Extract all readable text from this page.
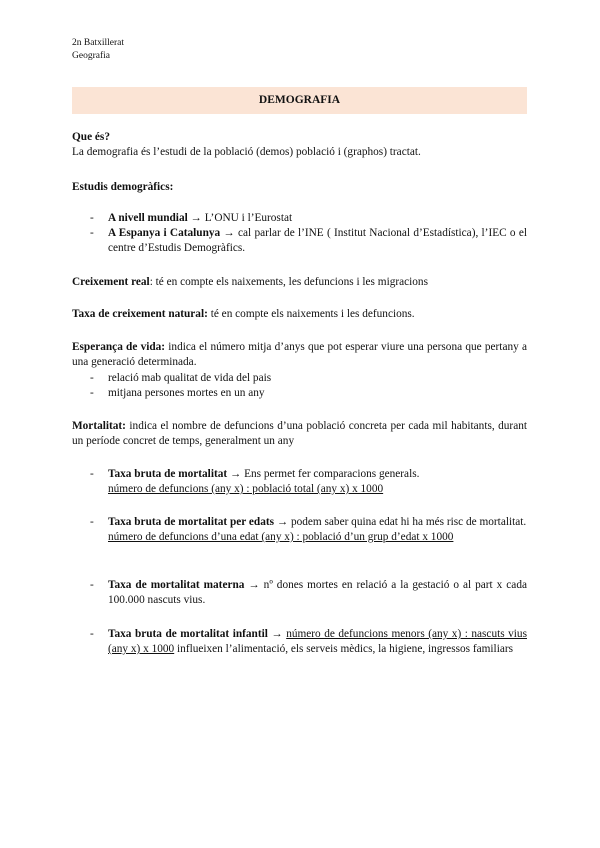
2n Batxillerat
Geografia
DEMOGRAFIA
Que és?
La demografia és l’estudi de la població (demos) població i (graphos) tractat.
Estudis demogràfics:
- A nivell mundial → L’ONU i l’Eurostat
- A Espanya i Catalunya → cal parlar de l’INE ( Institut Nacional d’Estadística), l’IEC o el centre d’Estudis Demogràfics.
Creixement real: té en compte els naixements, les defuncions i les migracions
Taxa de creixement natural: té en compte els naixements i les defuncions.
Esperança de vida: indica el número mitja d’anys que pot esperar viure una persona que pertany a una generació determinada.
- relació mab qualitat de vida del pais
- mitjana persones mortes en un any
Mortalitat: indica el nombre de defuncions d’una població concreta per cada mil habitants, durant un període concret de temps, generalment un any
- Taxa bruta de mortalitat → Ens permet fer comparacions generals.
número de defuncions (any x) : població total (any x) x 1000
- Taxa bruta de mortalitat per edats → podem saber quina edat hi ha més risc de mortalitat.
número de defuncions d’una edat (any x) : població d’un grup d’edat x 1000
- Taxa de mortalitat materna → nº dones mortes en relació a la gestació o al part x cada 100.000 nascuts vius.
- Taxa bruta de mortalitat infantil → número de defuncions menors (any x) : nascuts vius (any x) x 1000 influeixen l’alimentació, els serveis mèdics, la higiene, ingressos familiars
